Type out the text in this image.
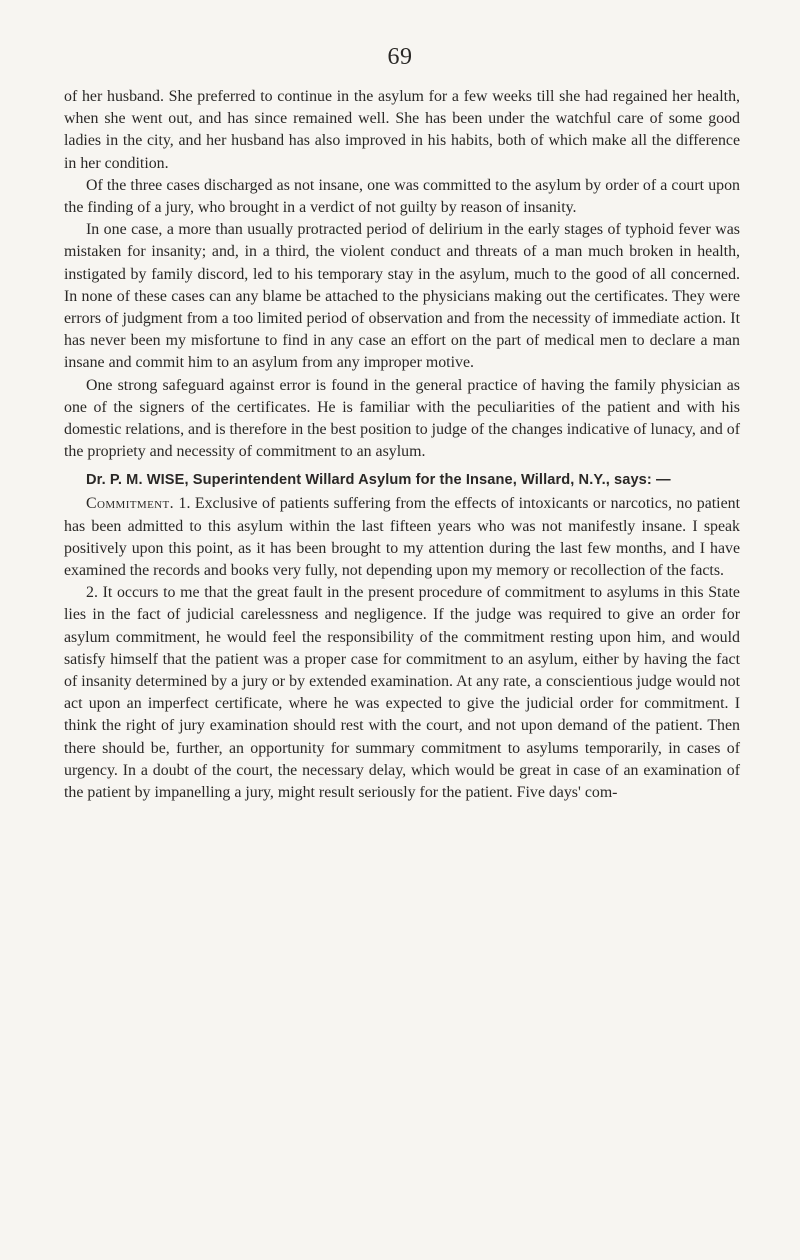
69

of her husband. She preferred to continue in the asylum for a few weeks till she had regained her health, when she went out, and has since remained well. She has been under the watchful care of some good ladies in the city, and her husband has also improved in his habits, both of which make all the difference in her condition.

Of the three cases discharged as not insane, one was committed to the asylum by order of a court upon the finding of a jury, who brought in a verdict of not guilty by reason of insanity.

In one case, a more than usually protracted period of delirium in the early stages of typhoid fever was mistaken for insanity; and, in a third, the violent conduct and threats of a man much broken in health, instigated by family discord, led to his temporary stay in the asylum, much to the good of all concerned. In none of these cases can any blame be attached to the physicians making out the certificates. They were errors of judgment from a too limited period of observation and from the necessity of immediate action. It has never been my misfortune to find in any case an effort on the part of medical men to declare a man insane and commit him to an asylum from any improper motive.

One strong safeguard against error is found in the general practice of having the family physician as one of the signers of the certificates. He is familiar with the peculiarities of the patient and with his domestic relations, and is therefore in the best position to judge of the changes indicative of lunacy, and of the propriety and necessity of commitment to an asylum.

Dr. P. M. WISE, Superintendent Willard Asylum for the Insane, Willard, N.Y., says: —

Commitment. 1. Exclusive of patients suffering from the effects of intoxicants or narcotics, no patient has been admitted to this asylum within the last fifteen years who was not manifestly insane. I speak positively upon this point, as it has been brought to my attention during the last few months, and I have examined the records and books very fully, not depending upon my memory or recollection of the facts.

2. It occurs to me that the great fault in the present procedure of commitment to asylums in this State lies in the fact of judicial carelessness and negligence. If the judge was required to give an order for asylum commitment, he would feel the responsibility of the commitment resting upon him, and would satisfy himself that the patient was a proper case for commitment to an asylum, either by having the fact of insanity determined by a jury or by extended examination. At any rate, a conscientious judge would not act upon an imperfect certificate, where he was expected to give the judicial order for commitment. I think the right of jury examination should rest with the court, and not upon demand of the patient. Then there should be, further, an opportunity for summary commitment to asylums temporarily, in cases of urgency. In a doubt of the court, the necessary delay, which would be great in case of an examination of the patient by impanelling a jury, might result seriously for the patient. Five days' com-
